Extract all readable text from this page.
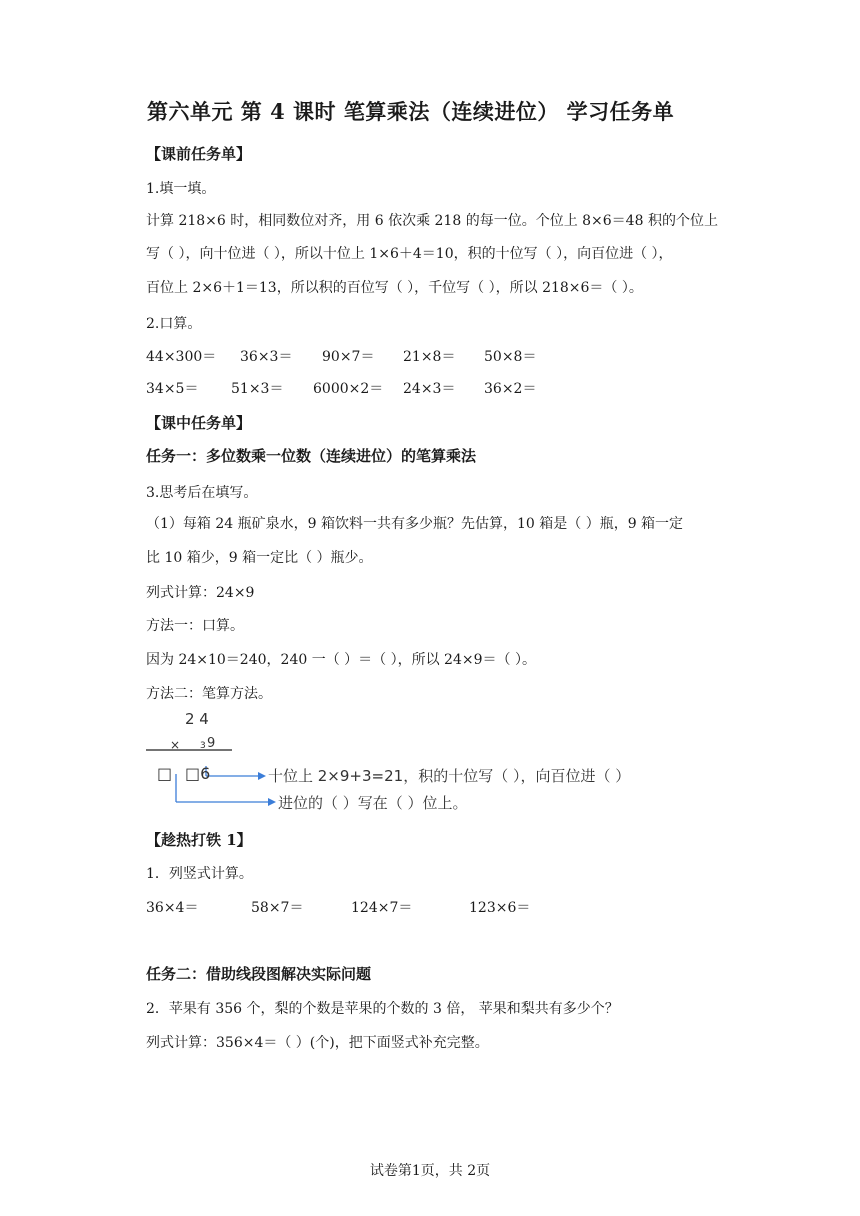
第六单元 第 4 课时 笔算乘法（连续进位） 学习任务单
【课前任务单】
1.填一填。
计算 218×6 时，相同数位对齐，用 6 依次乘 218 的每一位。个位上 8×6＝48 积的个位上
写（ ），向十位进（ ），所以十位上 1×6＋4＝10，积的十位写（ ），向百位进（ ），
百位上 2×6＋1＝13，所以积的百位写（ ），千位写（ ），所以 218×6＝（ ）。
2.口算。
44×300＝ 36×3＝ 90×7＝ 21×8＝ 50×8＝
34×5＝ 51×3＝ 6000×2＝ 24×3＝ 36×2＝
【课中任务单】
任务一：多位数乘一位数（连续进位）的笔算乘法
3.思考后在填写。
（1）每箱 24 瓶矿泉水，9 箱饮料一共有多少瓶？先估算，10 箱是（ ）瓶，9 箱一定
比 10 箱少，9 箱一定比（ ）瓶少。
列式计算：24×9
方法一：口算。
因为 24×10＝240，240 一（ ）＝（ ），所以 24×9＝（ ）。
方法二：笔算方法。
2 4
× 3 9
□ □6	十位上 2×9+3=21，积的十位写（ ），向百位进（ ）
进位的（ ）写在（ ）位上。
【趁热打铁 1】
1．列竖式计算。
36×4＝	58×7＝	124×7＝	123×6＝
任务二：借助线段图解决实际问题
2．苹果有 356 个，梨的个数是苹果的个数的 3 倍， 苹果和梨共有多少个？
列式计算：356×4＝（ ）(个)，把下面竖式补充完整。
试卷第1页，共 2页
